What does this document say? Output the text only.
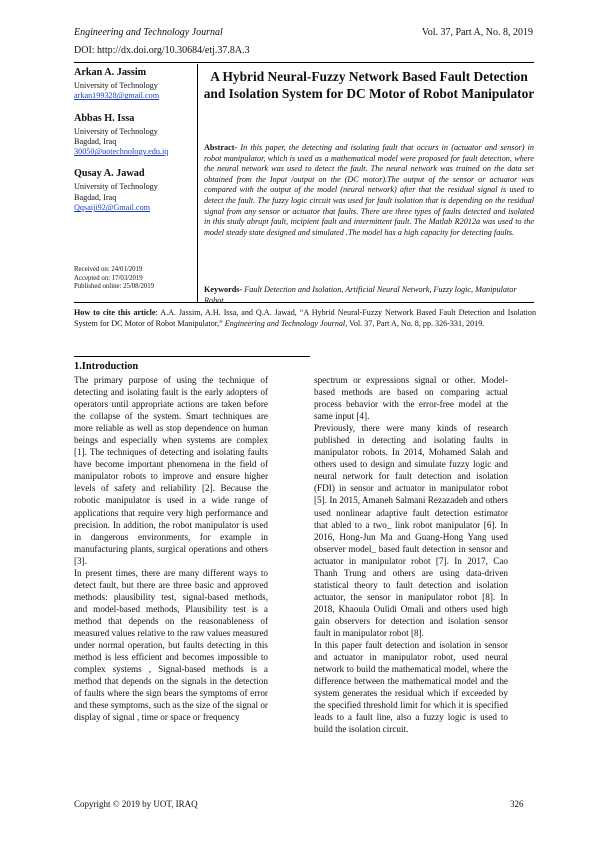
Engineering and Technology Journal	Vol. 37, Part A, No. 8, 2019
DOI: http://dx.doi.org/10.30684/etj.37.8A.3
Arkan A. Jassim
University of Technology
arkan199328@gmail.com
Abbas H. Issa
University of Technology
Bagdad, Iraq
30050@uotechnology.edu.iq
Qusay A. Jawad
University of Technology
Bagdad, Iraq
Qqsaiji92@Gmail.com
Received on: 24/01/2019
Accepted on: 17/03/2019
Published online: 25/08/2019
A Hybrid Neural-Fuzzy Network Based Fault Detection and Isolation System for DC Motor of Robot Manipulator
Abstract- In this paper, the detecting and isolating fault that occurs in (actuator and sensor) in robot manipulator, which is used as a mathematical model were proposed for fault detection, where the neural network was used to detect the fault. The neural network was trained on the data set obtained from the Input /output on the (DC motor).The output of the sensor or actuator was compared with the output of the model (neural network) after that the residual signal is used to detect the fault. The fuzzy logic circuit was used for fault isolation that is depending on the residual signal from any sensor or actuator that faults. There are three types of faults detected and isolated in this study abrupt fault, incipient fault and intermittent fault. The Matlab R2012a was used to the model steady state designed and simulated .The model has a high capacity for detecting faults.
Keywords- Fault Detection and Isolation, Artificial Neural Network, Fuzzy logic, Manipulator Robot.
How to cite this article: A.A. Jassim, A.H. Issa, and Q.A. Jawad, “A Hybrid Neural-Fuzzy Network Based Fault Detection and Isolation System for DC Motor of Robot Manipulator,” Engineering and Technology Journal, Vol. 37, Part A, No. 8, pp. 326-331, 2019.
1.Introduction

The primary purpose of using the technique of detecting and isolating fault is the early adopters of operators until appropriate actions are taken before the collapse of the system. Smart techniques are more reliable as well as stop dependence on human beings and especially when systems are complex [1]. The techniques of detecting and isolating faults have become important phenomena in the field of manipulator robots to improve and ensure higher levels of safety and reliability [2]. Because the robotic manipulator is used in a wide range of applications that require very high performance and precision. In addition, the robot manipulator is used in dangerous environments, for example in manufacturing plants, surgical operations and others [3].

In present times, there are many different ways to detect fault, but there are three basic and approved methods: plausibility test, signal-based methods, and model-based methods, Plausibility test is a method that depends on the reasonableness of measured values relative to the raw values measured under normal operation, but faults detecting in this method is less efficient and becomes impossible to complex systems , Signal-based methods is a method that depends on the signals in the detection of faults where the sign bears the symptoms of error and these symptoms, such as the size of the signal or display of signal , time or space or frequency

spectrum or expressions signal or other. Model-based methods are based on comparing actual process behavior with the error-free model at the same input [4].

Previously, there were many kinds of research published in detecting and isolating faults in manipulator robots. In 2014, Mohamed Salah and others used to design and simulate fuzzy logic and neural network for fault detection and isolation (FDI) in sensor and actuator in manipulator robot [5]. In 2015, Amaneh Salmani Rezazadeh and others used nonlinear adaptive fault detection estimator that abled to a two_ link robot manipulator [6]. In 2016, Hong-Jun Ma and Guang-Hong Yang used observer model_ based fault detection in sensor and actuator in manipulator robot [7]. In 2017, Cao Thanh Trung and others are using data-driven statistical theory to fault detection and isolation actuator, the sensor in manipulator robot [8]. In 2018, Khaoula Oulidi Omali and others used high gain observers for detection and isolation sensor fault in manipulator robot [8].

In this paper fault detection and isolation in sensor and actuator in manipulator robot, used neural network to build the mathematical model, where the difference between the mathematical model and the system generates the residual which if exceeded by the specified threshold limit for which it is specified leads to a fault line, also a fuzzy logic is used to build the isolation circuit.

Copyright © 2019 by UOT, IRAQ	326
